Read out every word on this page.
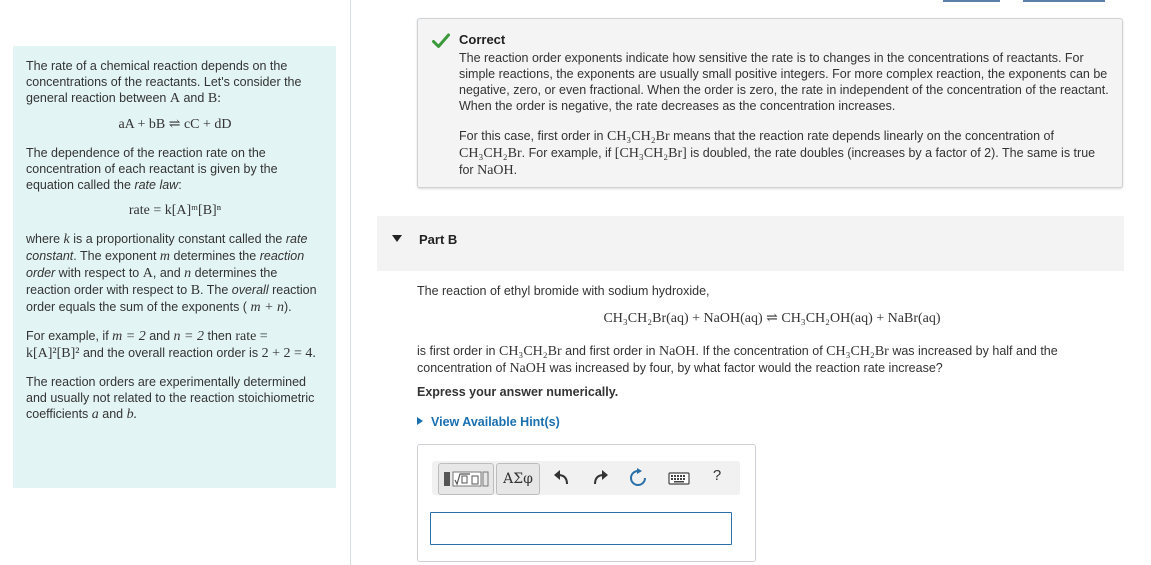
The rate of a chemical reaction depends on the concentrations of the reactants. Let's consider the general reaction between A and B:

aA + bB ⇌ cC + dD

The dependence of the reaction rate on the concentration of each reactant is given by the equation called the rate law:

rate = k[A]ᵐ[B]ⁿ

where k is a proportionality constant called the rate constant. The exponent m determines the reaction order with respect to A, and n determines the reaction order with respect to B. The overall reaction order equals the sum of the exponents ( m + n).

For example, if m = 2 and n = 2 then rate = k[A]²[B]² and the overall reaction order is 2 + 2 = 4.

The reaction orders are experimentally determined and usually not related to the reaction stoichiometric coefficients a and b.

Correct

The reaction order exponents indicate how sensitive the rate is to changes in the concentrations of reactants. For simple reactions, the exponents are usually small positive integers. For more complex reaction, the exponents can be negative, zero, or even fractional. When the order is zero, the rate in independent of the concentration of the reactant. When the order is negative, the rate decreases as the concentration increases.

For this case, first order in CH₃CH₂Br means that the reaction rate depends linearly on the concentration of CH₃CH₂Br. For example, if [CH₃CH₂Br] is doubled, the rate doubles (increases by a factor of 2). The same is true for NaOH.

Part B
The reaction of ethyl bromide with sodium hydroxide,
CH₃CH₂Br(aq) + NaOH(aq) ⇌ CH₃CH₂OH(aq) + NaBr(aq)
is first order in CH₃CH₂Br and first order in NaOH. If the concentration of CH₃CH₂Br was increased by half and the concentration of NaOH was increased by four, by what factor would the reaction rate increase?
Express your answer numerically.
View Available Hint(s)
ΑΣφ	?
